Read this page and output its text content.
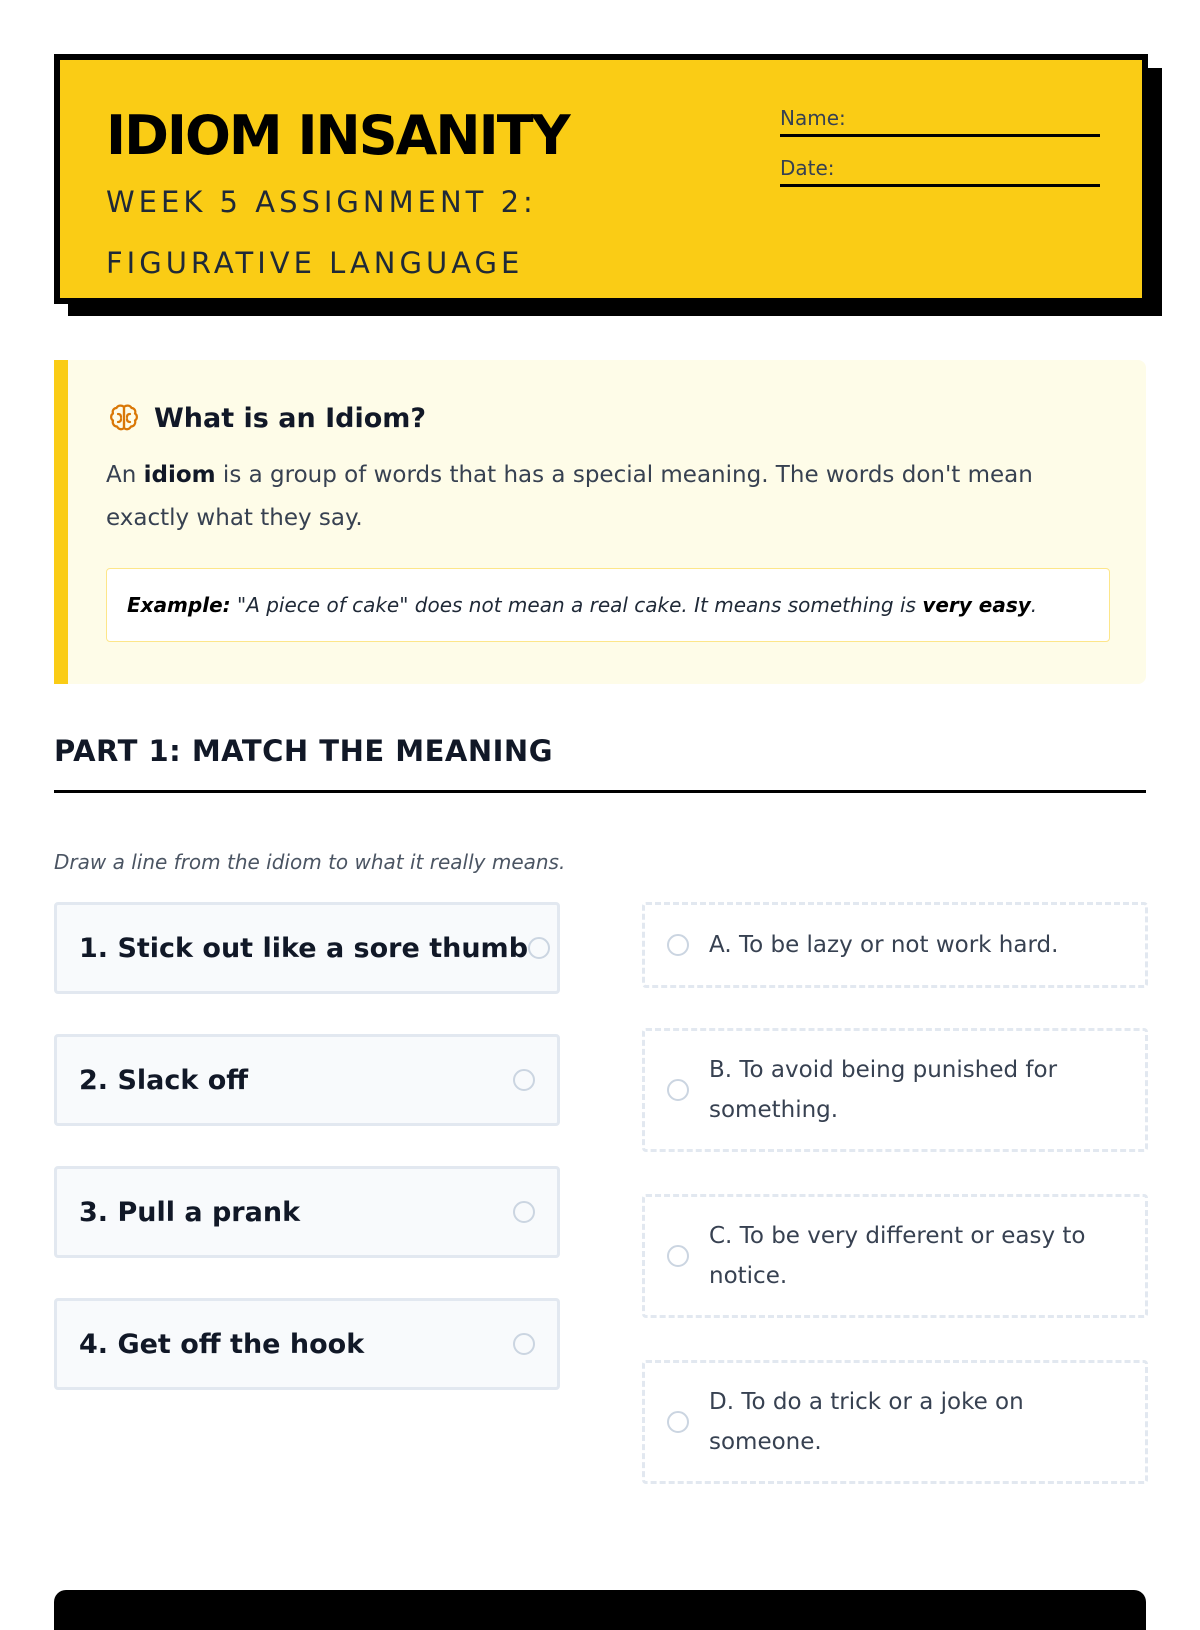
IDIOM INSANITY
WEEK 5 ASSIGNMENT 2: FIGURATIVE LANGUAGE
Name:
Date:
What is an Idiom?
An idiom is a group of words that has a special meaning. The words don't mean exactly what they say.
Example: "A piece of cake" does not mean a real cake. It means something is very easy.
PART 1: MATCH THE MEANING
Draw a line from the idiom to what it really means.
1. Stick out like a sore thumb
2. Slack off
3. Pull a prank
4. Get off the hook
A. To be lazy or not work hard.
B. To avoid being punished for something.
C. To be very different or easy to notice.
D. To do a trick or a joke on someone.
